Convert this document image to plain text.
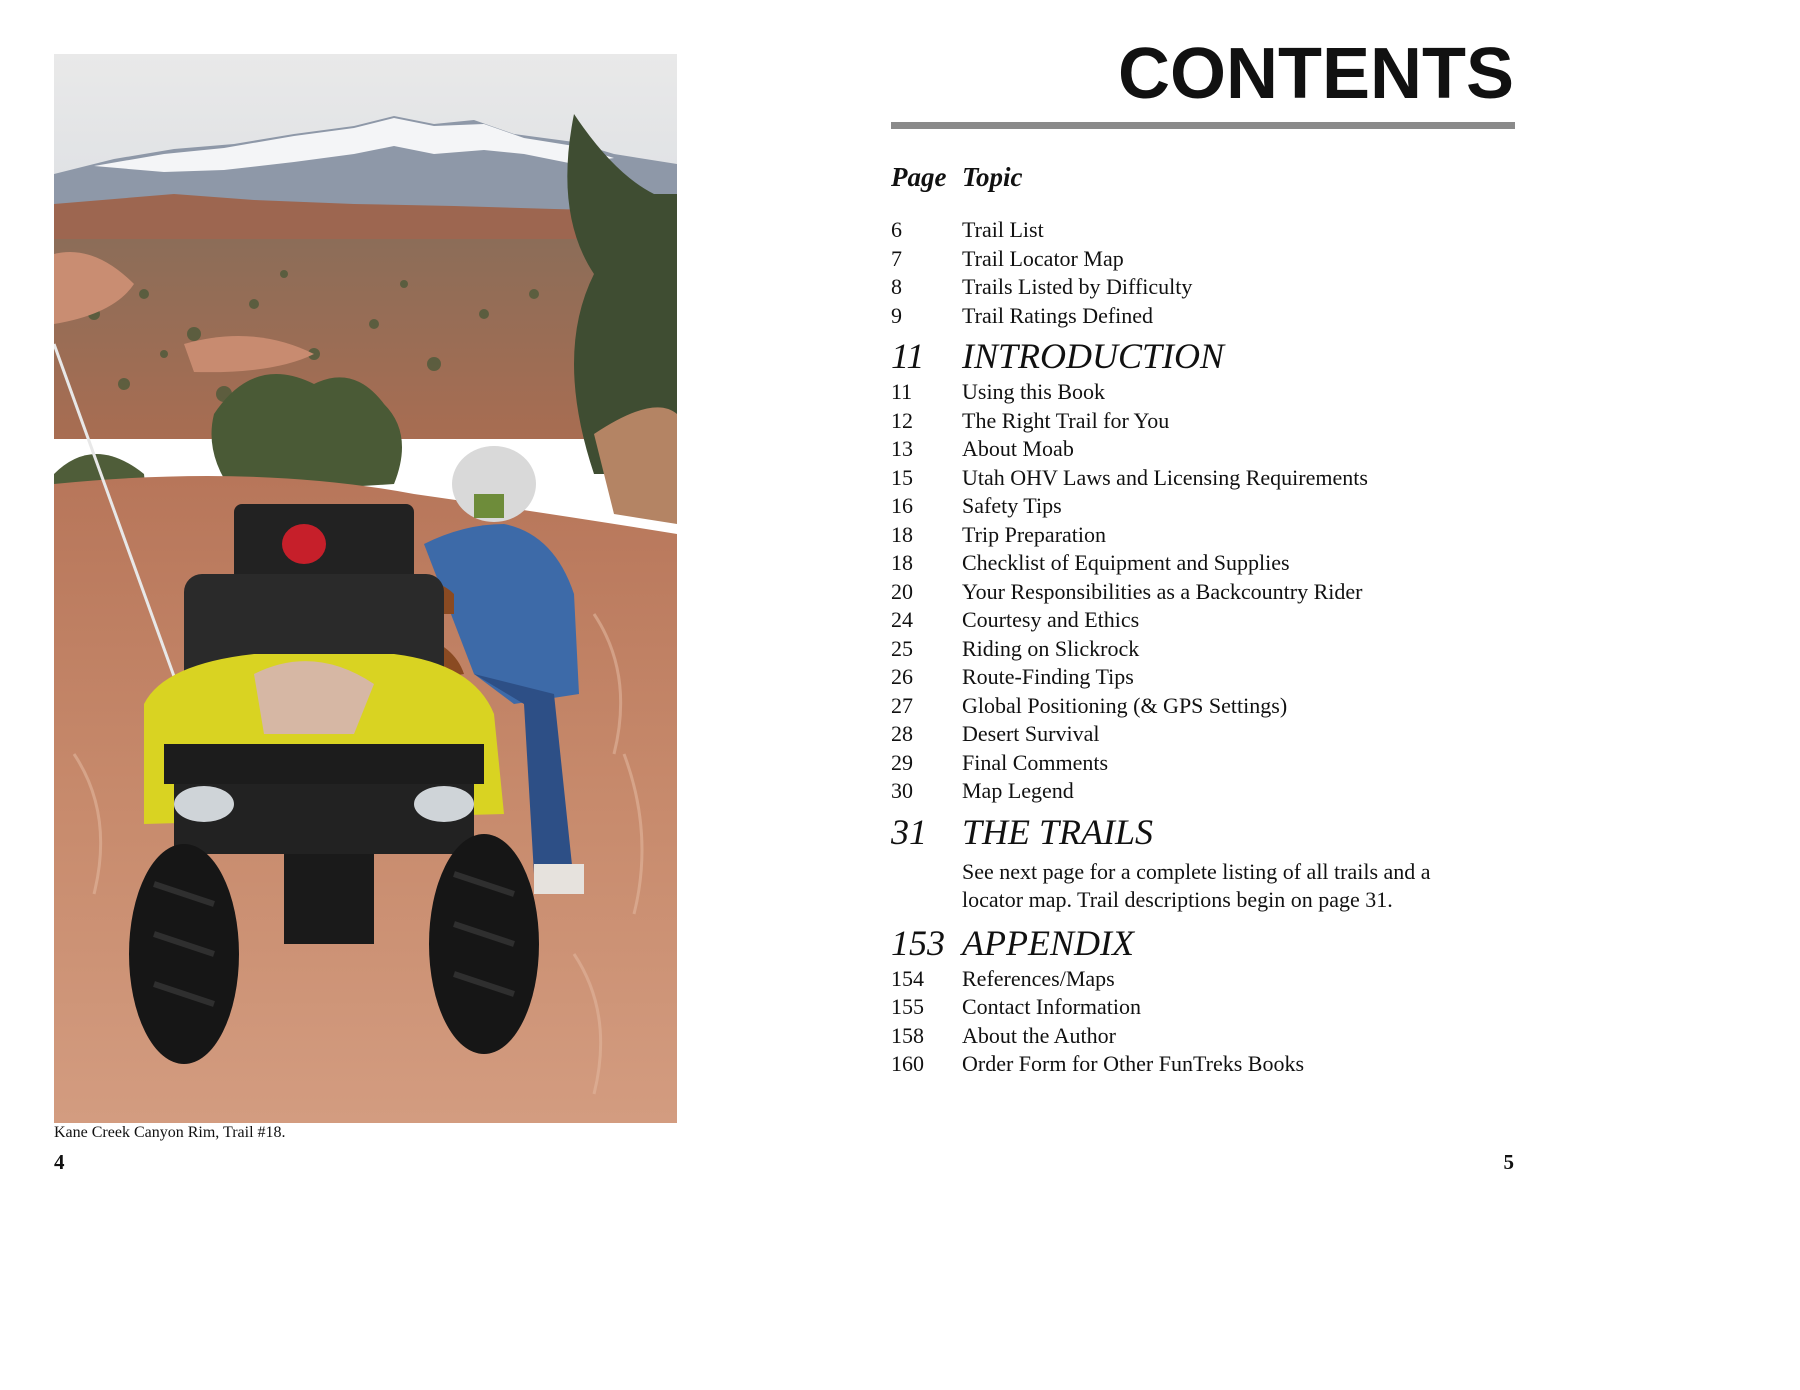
Kane Creek Canyon Rim, Trail #18.
4
CONTENTS
Page Topic
6	Trail List
7	Trail Locator Map
8	Trails Listed by Difficulty
9	Trail Ratings Defined
11	INTRODUCTION
11	Using this Book
12	The Right Trail for You
13	About Moab
15	Utah OHV Laws and Licensing Requirements
16	Safety Tips
18	Trip Preparation
18	Checklist of Equipment and Supplies
20	Your Responsibilities as a Backcountry Rider
24	Courtesy and Ethics
25	Riding on Slickrock
26	Route-Finding Tips
27	Global Positioning (& GPS Settings)
28	Desert Survival
29	Final Comments
30	Map Legend
31 THE TRAILS
See next page for a complete listing of all trails and a locator map. Trail descriptions begin on page 31.
153 APPENDIX
154	References/Maps
155	Contact Information
158	About the Author
160	Order Form for Other FunTreks Books
5
